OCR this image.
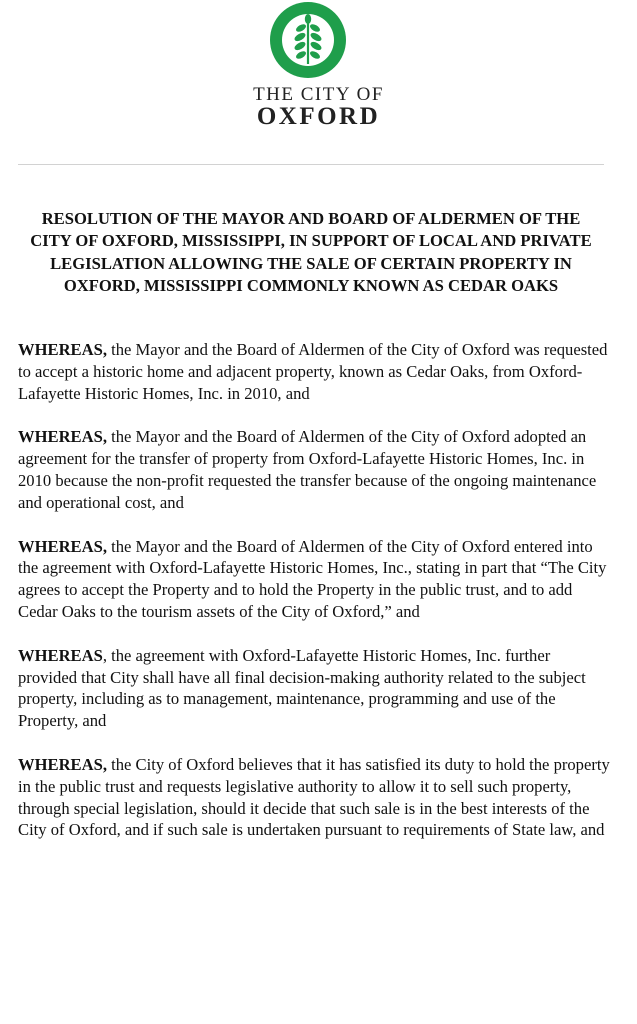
THE CITY OF
OXFORD
RESOLUTION OF THE MAYOR AND BOARD OF ALDERMEN OF THE CITY OF OXFORD, MISSISSIPPI, IN SUPPORT OF LOCAL AND PRIVATE LEGISLATION ALLOWING THE SALE OF CERTAIN PROPERTY IN OXFORD, MISSISSIPPI COMMONLY KNOWN AS CEDAR OAKS

WHEREAS, the Mayor and the Board of Aldermen of the City of Oxford was requested to accept a historic home and adjacent property, known as Cedar Oaks, from Oxford-Lafayette Historic Homes, Inc. in 2010, and

WHEREAS, the Mayor and the Board of Aldermen of the City of Oxford adopted an agreement for the transfer of property from Oxford-Lafayette Historic Homes, Inc. in 2010 because the non-profit requested the transfer because of the ongoing maintenance and operational cost, and

WHEREAS, the Mayor and the Board of Aldermen of the City of Oxford entered into the agreement with Oxford-Lafayette Historic Homes, Inc., stating in part that “The City agrees to accept the Property and to hold the Property in the public trust, and to add Cedar Oaks to the tourism assets of the City of Oxford,” and

WHEREAS, the agreement with Oxford-Lafayette Historic Homes, Inc. further provided that City shall have all final decision-making authority related to the subject property, including as to management, maintenance, programming and use of the Property, and

WHEREAS, the City of Oxford believes that it has satisfied its duty to hold the property in the public trust and requests legislative authority to allow it to sell such property, through special legislation, should it decide that such sale is in the best interests of the City of Oxford, and if such sale is undertaken pursuant to requirements of State law, and
